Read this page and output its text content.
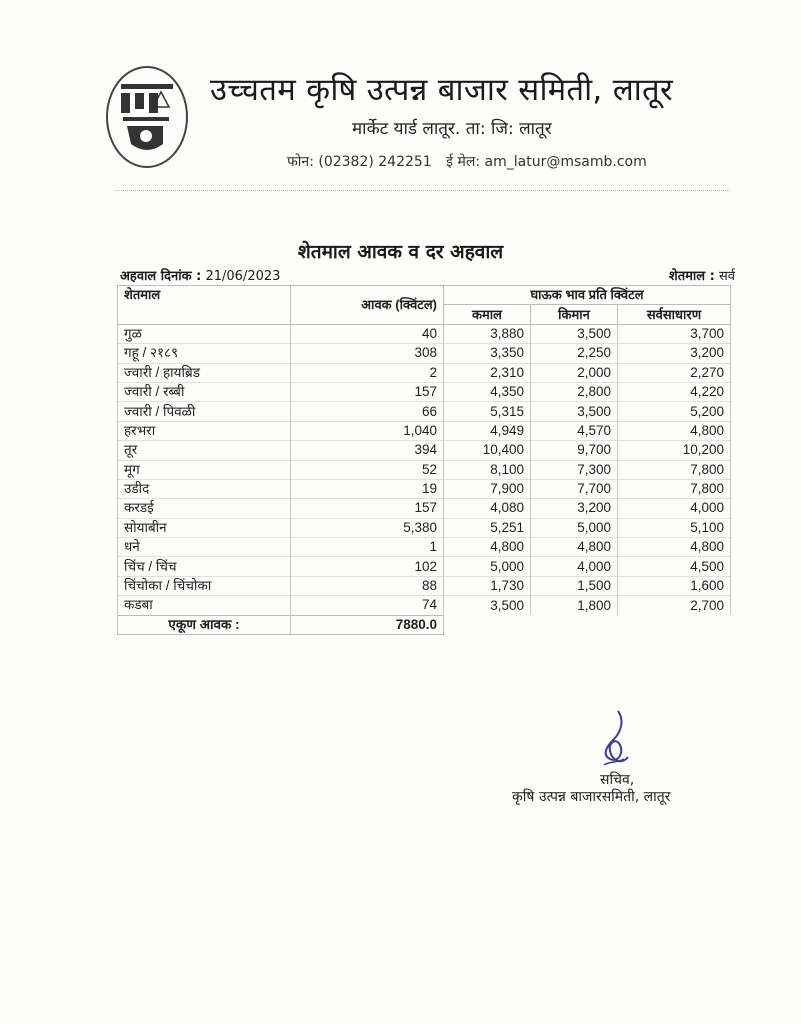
उच्चतम कृषि उत्पन्न बाजार समिती, लातूर
मार्केट यार्ड लातूर. ता: जि: लातूर
फोन: (02382) 242251 ई मेल: am_latur@msamb.com
शेतमाल आवक व दर अहवाल
अहवाल दिनांक : 21/06/2023	शेतमाल : सर्व
शेतमाल	आवक (क्विंटल)	घाऊक भाव प्रति क्विंटल		
		कमाल	किमान	सर्वसाधारण
गुळ	40	3,880	3,500	3,700
गहू / २१८९	308	3,350	2,250	3,200
ज्वारी / हायब्रिड	2	2,310	2,000	2,270
ज्वारी / रब्बी	157	4,350	2,800	4,220
ज्वारी / पिवळी	66	5,315	3,500	5,200
हरभरा	1,040	4,949	4,570	4,800
तूर	394	10,400	9,700	10,200
मूग	52	8,100	7,300	7,800
उडीद	19	7,900	7,700	7,800
करडई	157	4,080	3,200	4,000
सोयाबीन	5,380	5,251	5,000	5,100
धने	1	4,800	4,800	4,800
चिंच / चिंच	102	5,000	4,000	4,500
चिंचोका / चिंचोका	88	1,730	1,500	1,600
कडबा	74	3,500	1,800	2,700
एकूण आवक :	7880.0			
सचिव,
कृषि उत्पन्न बाजारसमिती, लातूर
